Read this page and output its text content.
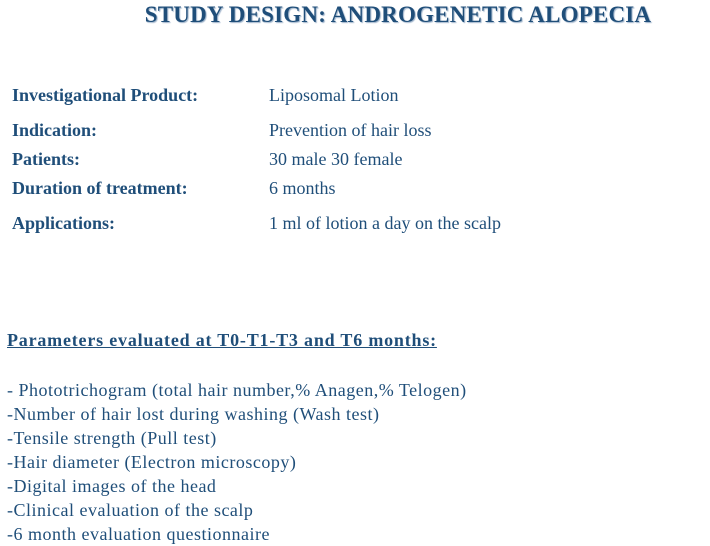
STUDY DESIGN: ANDROGENETIC ALOPECIA
Investigational Product:	Liposomal Lotion
Indication:	Prevention of hair loss
Patients:	30 male 30 female
Duration of treatment:	6 months
Applications:	1 ml of lotion a day on the scalp
Parameters evaluated at T0-T1-T3 and T6 months:
- Phototrichogram (total hair number,% Anagen,% Telogen)
-Number of hair lost during washing (Wash test)
-Tensile strength (Pull test)
-Hair diameter (Electron microscopy)
-Digital images of the head
-Clinical evaluation of the scalp
-6 month evaluation questionnaire
